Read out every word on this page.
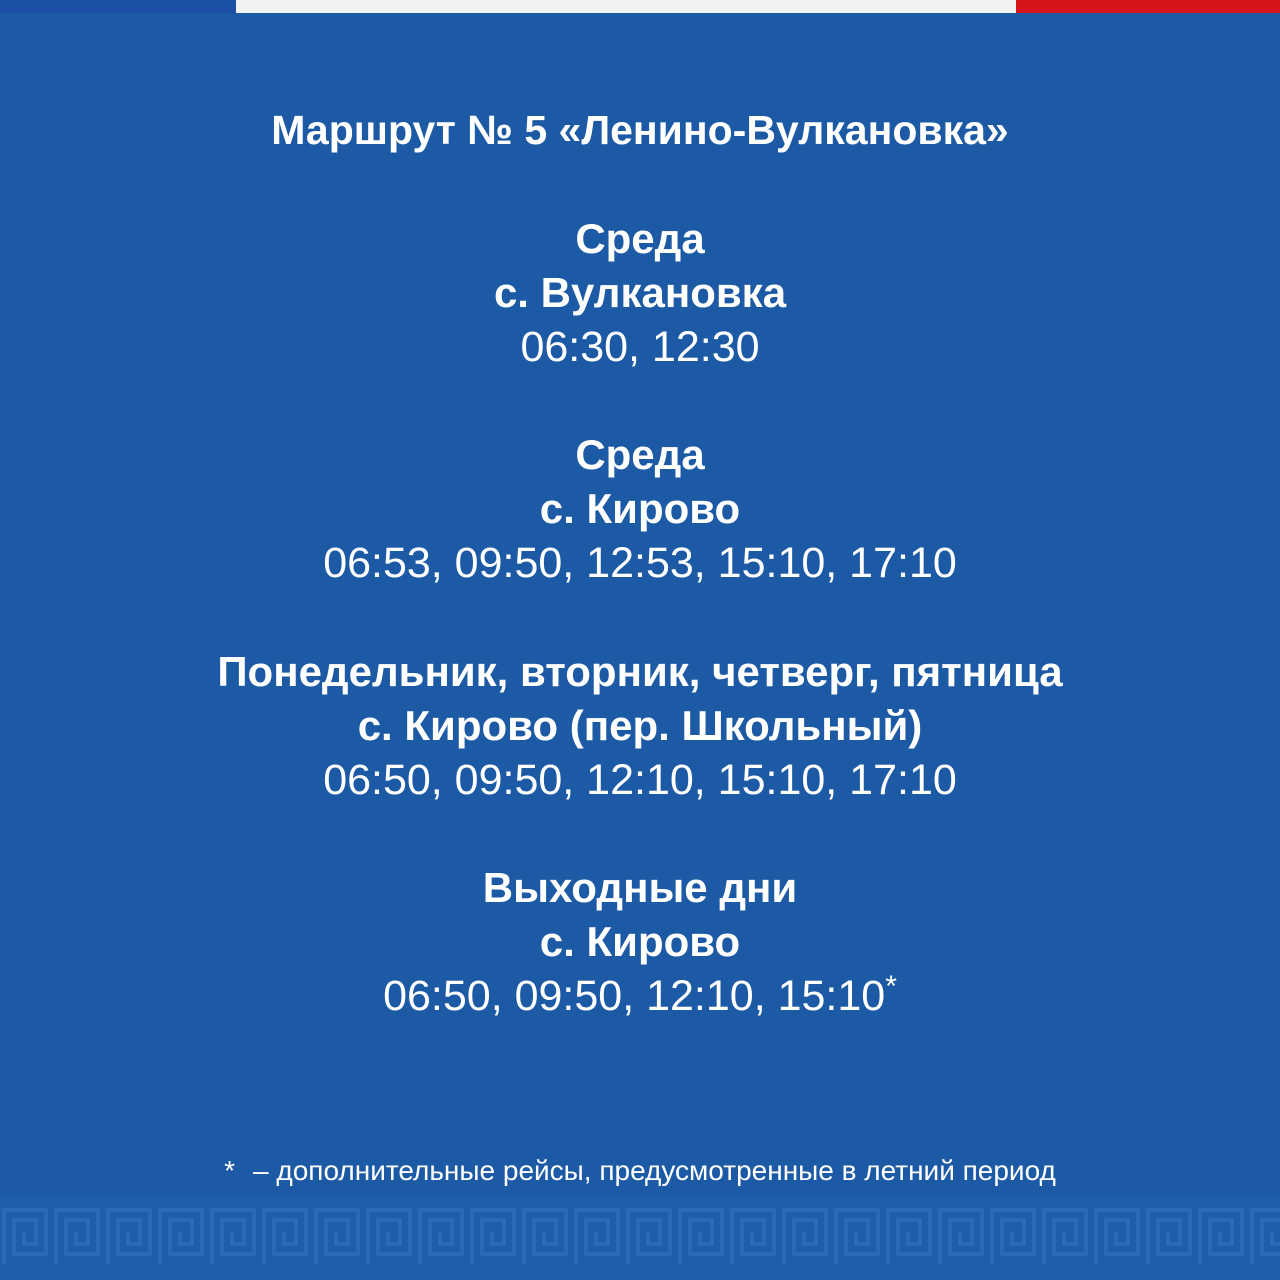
Маршрут № 5 «Ленино-Вулкановка»
Среда
с. Вулкановка
06:30, 12:30
Среда
с. Кирово
06:53, 09:50, 12:53, 15:10, 17:10
Понедельник, вторник, четверг, пятница
с. Кирово (пер. Школьный)
06:50, 09:50, 12:10, 15:10, 17:10
Выходные дни
с. Кирово
06:50, 09:50, 12:10, 15:10*
* – дополнительные рейсы, предусмотренные в летний период
